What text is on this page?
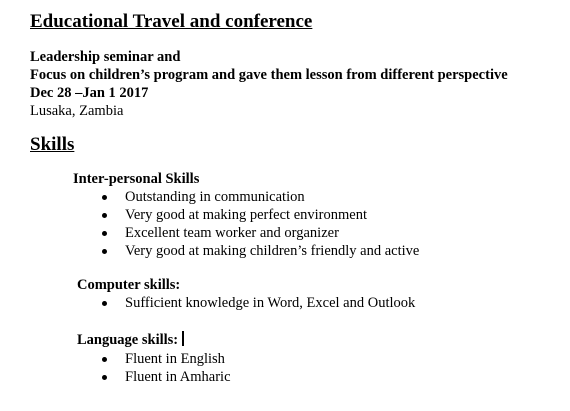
Educational Travel and conference
Leadership seminar and
Focus on children’s program and gave them lesson from different perspective
Dec 28 –Jan 1 2017
Lusaka, Zambia
Skills
Inter-personal Skills
Outstanding in communication
Very good at making perfect environment
Excellent team worker and organizer
Very good at making children’s friendly and active
Computer skills:
Sufficient knowledge in Word, Excel and Outlook
Language skills:
Fluent in English
Fluent in Amharic
